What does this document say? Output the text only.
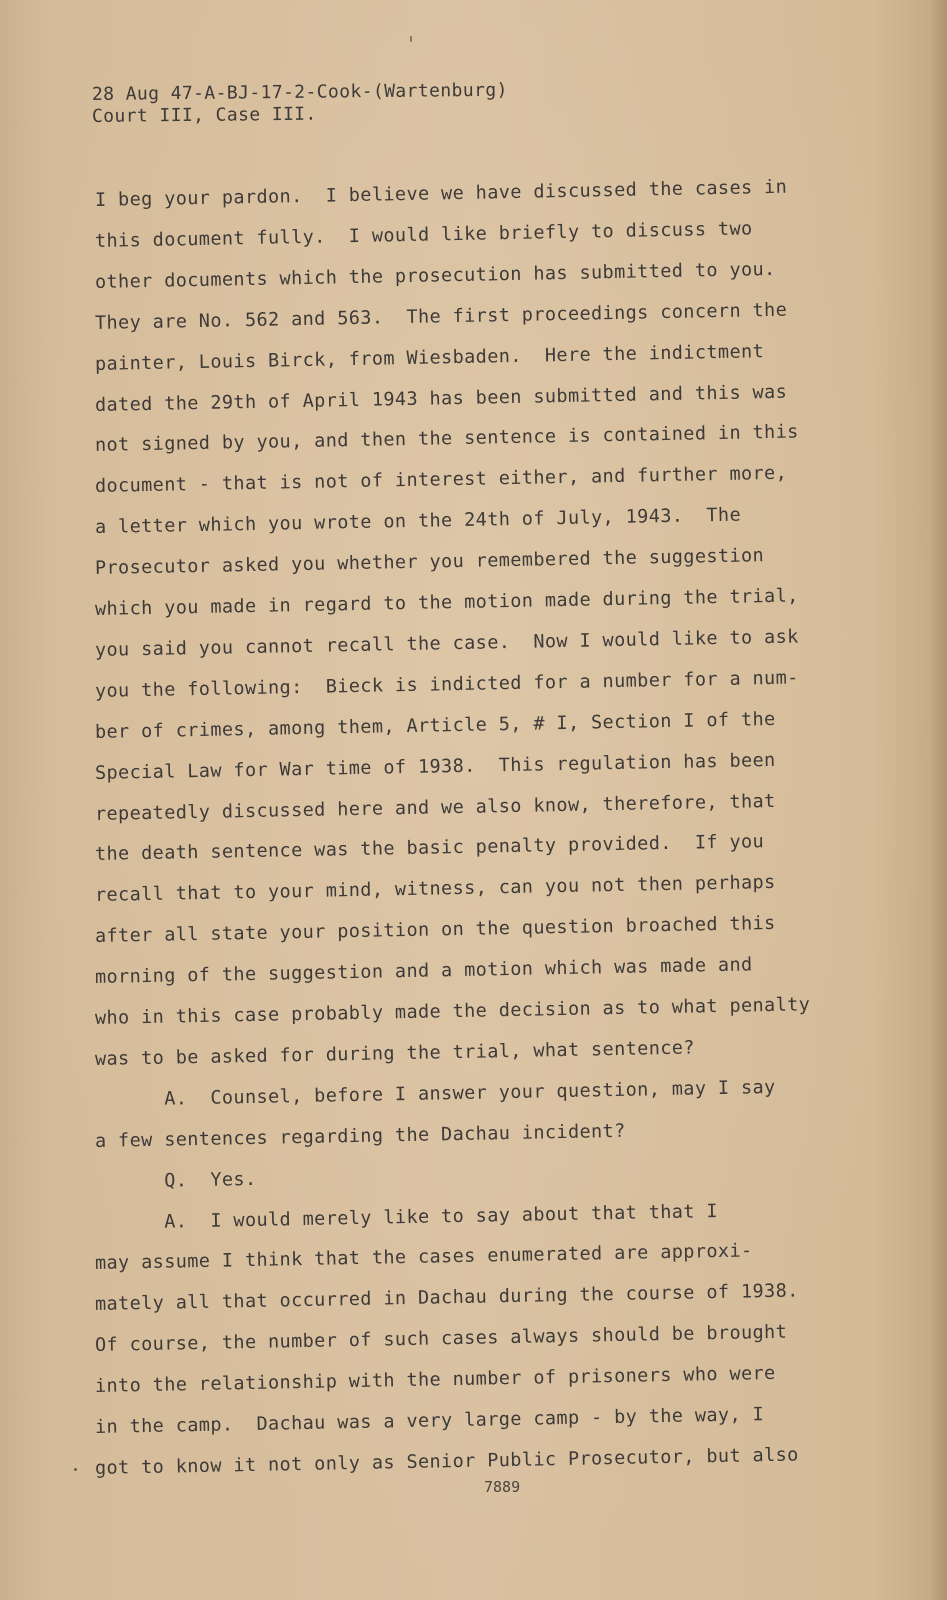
28 Aug 47-A-BJ-17-2-Cook-(Wartenburg)
Court III, Case III.
I beg your pardon.  I believe we have discussed the cases in
this document fully.  I would like briefly to discuss two
other documents which the prosecution has submitted to you.
They are No. 562 and 563.  The first proceedings concern the
painter, Louis Birck, from Wiesbaden.  Here the indictment
dated the 29th of April 1943 has been submitted and this was
not signed by you, and then the sentence is contained in this
document - that is not of interest either, and further more,
a letter which you wrote on the 24th of July, 1943.  The
Prosecutor asked you whether you remembered the suggestion
which you made in regard to the motion made during the trial,
you said you cannot recall the case.  Now I would like to ask
you the following:  Bieck is indicted for a number for a num-
ber of crimes, among them, Article 5, # I, Section I of the
Special Law for War time of 1938.  This regulation has been
repeatedly discussed here and we also know, therefore, that
the death sentence was the basic penalty provided.  If you
recall that to your mind, witness, can you not then perhaps
after all state your position on the question broached this
morning of the suggestion and a motion which was made and
who in this case probably made the decision as to what penalty
was to be asked for during the trial, what sentence?
A.  Counsel, before I answer your question, may I say
a few sentences regarding the Dachau incident?
Q.  Yes.
A.  I would merely like to say about that that I
may assume I think that the cases enumerated are approxi-
mately all that occurred in Dachau during the course of 1938.
Of course, the number of such cases always should be brought
into the relationship with the number of prisoners who were
in the camp.  Dachau was a very large camp - by the way, I
got to know it not only as Senior Public Prosecutor, but also
7889
